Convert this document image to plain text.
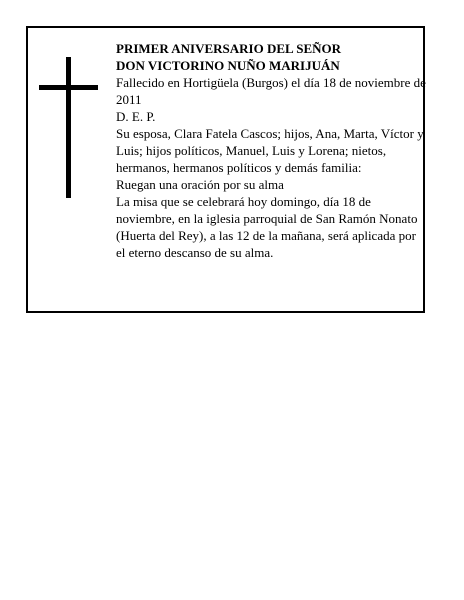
PRIMER ANIVERSARIO DEL SEÑOR

DON VICTORINO NUÑO MARIJUÁN

Fallecido en Hortigüela (Burgos) el día 18 de noviembre de 2011

D. E. P.

Su esposa, Clara Fatela Cascos; hijos, Ana, Marta, Víctor y Luis; hijos políticos, Manuel, Luis y Lorena; nietos, hermanos, hermanos políticos y demás familia:

Ruegan una oración por su alma

La misa que se celebrará hoy domingo, día 18 de noviembre, en la iglesia parroquial de San Ramón Nonato (Huerta del Rey), a las 12 de la mañana, será aplicada por el eterno descanso de su alma.
